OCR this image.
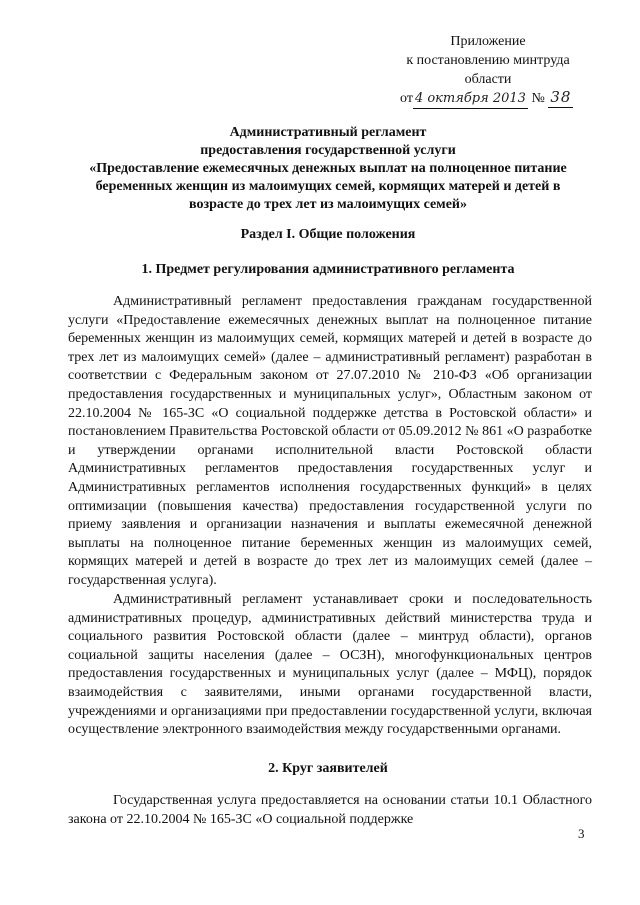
Приложение
к постановлению минтруда
области
от 4 октября 2013 № 38
Административный регламент
предоставления государственной услуги
«Предоставление ежемесячных денежных выплат на полноценное питание
беременных женщин из малоимущих семей, кормящих матерей и детей в
возрасте до трех лет из малоимущих семей»
Раздел I. Общие положения
1. Предмет регулирования административного регламента
Административный регламент предоставления гражданам государственной услуги «Предоставление ежемесячных денежных выплат на полноценное питание беременных женщин из малоимущих семей, кормящих матерей и детей в возрасте до трех лет из малоимущих семей» (далее – административный регламент) разработан в соответствии с Федеральным законом от 27.07.2010 № 210-ФЗ «Об организации предоставления государственных и муниципальных услуг», Областным законом от 22.10.2004 № 165-ЗС «О социальной поддержке детства в Ростовской области» и постановлением Правительства Ростовской области от 05.09.2012 № 861 «О разработке и утверждении органами исполнительной власти Ростовской области Административных регламентов предоставления государственных услуг и Административных регламентов исполнения государственных функций» в целях оптимизации (повышения качества) предоставления государственной услуги по приему заявления и организации назначения и выплаты ежемесячной денежной выплаты на полноценное питание беременных женщин из малоимущих семей, кормящих матерей и детей в возрасте до трех лет из малоимущих семей (далее – государственная услуга).
Административный регламент устанавливает сроки и последовательность административных процедур, административных действий министерства труда и социального развития Ростовской области (далее – минтруд области), органов социальной защиты населения (далее – ОСЗН), многофункциональных центров предоставления государственных и муниципальных услуг (далее – МФЦ), порядок взаимодействия с заявителями, иными органами государственной власти, учреждениями и организациями при предоставлении государственной услуги, включая осуществление электронного взаимодействия между государственными органами.
2. Круг заявителей
Государственная услуга предоставляется на основании статьи 10.1 Областного закона от 22.10.2004 № 165-ЗС «О социальной поддержке
3
